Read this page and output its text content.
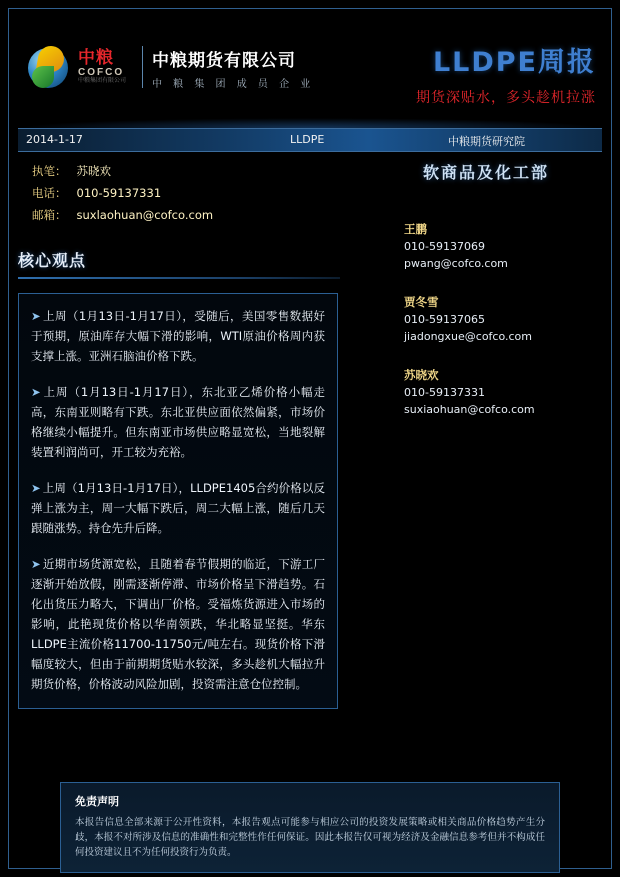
中粮
COFCO
中粮集团有限公司
中粮期货有限公司
中 粮 集 团 成 员 企 业
LLDPE周报
期货深贴水，多头趁机拉涨
2014-1-17	LLDPE	中粮期货研究院
执笔： 苏晓欢
电话： 010-59137331
邮箱： suxlaohuan@cofco.com
核心观点
➤ 上周（1月13日-1月17日），受随后，美国零售数据好于预期，原油库存大幅下滑的影响，WTI原油价格周内获支撑上涨。亚洲石脑油价格下跌。
➤ 上周（1月13日-1月17日），东北亚乙烯价格小幅走高，东南亚则略有下跌。东北亚供应面依然偏紧，市场价格继续小幅提升。但东南亚市场供应略显宽松，当地裂解装置利润尚可，开工较为充裕。
➤ 上周（1月13日-1月17日），LLDPE1405合约价格以反弹上涨为主，周一大幅下跌后，周二大幅上涨，随后几天跟随涨势。持仓先升后降。
➤ 近期市场货源宽松，且随着春节假期的临近，下游工厂逐渐开始放假，刚需逐渐停滞、市场价格呈下滑趋势。石化出货压力略大，下调出厂价格。受福炼货源进入市场的影响，此艳现货价格以华南领跌，华北略显坚挺。华东LLDPE主流价格11700-11750元/吨左右。现货价格下滑幅度较大，但由于前期期货贴水较深，多头趁机大幅拉升期货价格，价格波动风险加剧，投资需注意仓位控制。
软商品及化工部
王鹏
010-59137069
pwang@cofco.com
贾冬雪
010-59137065
jiadongxue@cofco.com
苏晓欢
010-59137331
suxiaohuan@cofco.com
免责声明
本报告信息全部来源于公开性资料，本报告观点可能参与相应公司的投资发展策略或相关商品价格趋势产生分歧，本报不对所涉及信息的准确性和完整性作任何保证。因此本报告仅可视为经济及金融信息参考但并不构成任何投资建议且不为任何投资行为负责。
